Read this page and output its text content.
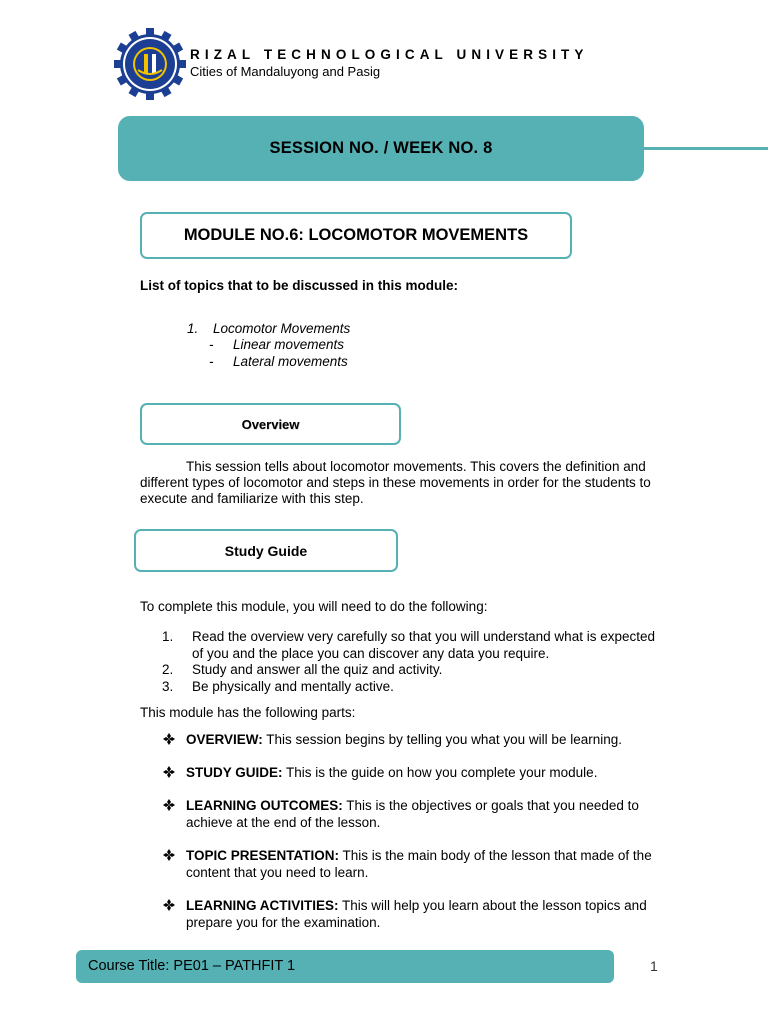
RIZAL TECHNOLOGICAL UNIVERSITY
Cities of Mandaluyong and Pasig
SESSION NO. / WEEK NO. 8
MODULE NO.6: LOCOMOTOR MOVEMENTS
List of topics that to be discussed in this module:
1. Locomotor Movements
- Linear movements
- Lateral movements
Overview
This session tells about locomotor movements. This covers the definition and
different types of locomotor and steps in these movements in order for the students to
execute and familiarize with this step.
Study Guide
To complete this module, you will need to do the following:
1. Read the overview very carefully so that you will understand what is expected
of you and the place you can discover any data you require.
2. Study and answer all the quiz and activity.
3. Be physically and mentally active.
This module has the following parts:
OVERVIEW: This session begins by telling you what you will be learning.
STUDY GUIDE: This is the guide on how you complete your module.
LEARNING OUTCOMES: This is the objectives or goals that you needed to
achieve at the end of the lesson.
TOPIC PRESENTATION: This is the main body of the lesson that made of the
content that you need to learn.
LEARNING ACTIVITIES: This will help you learn about the lesson topics and
prepare you for the examination.
Course Title: PE01 – PATHFIT 1	1
